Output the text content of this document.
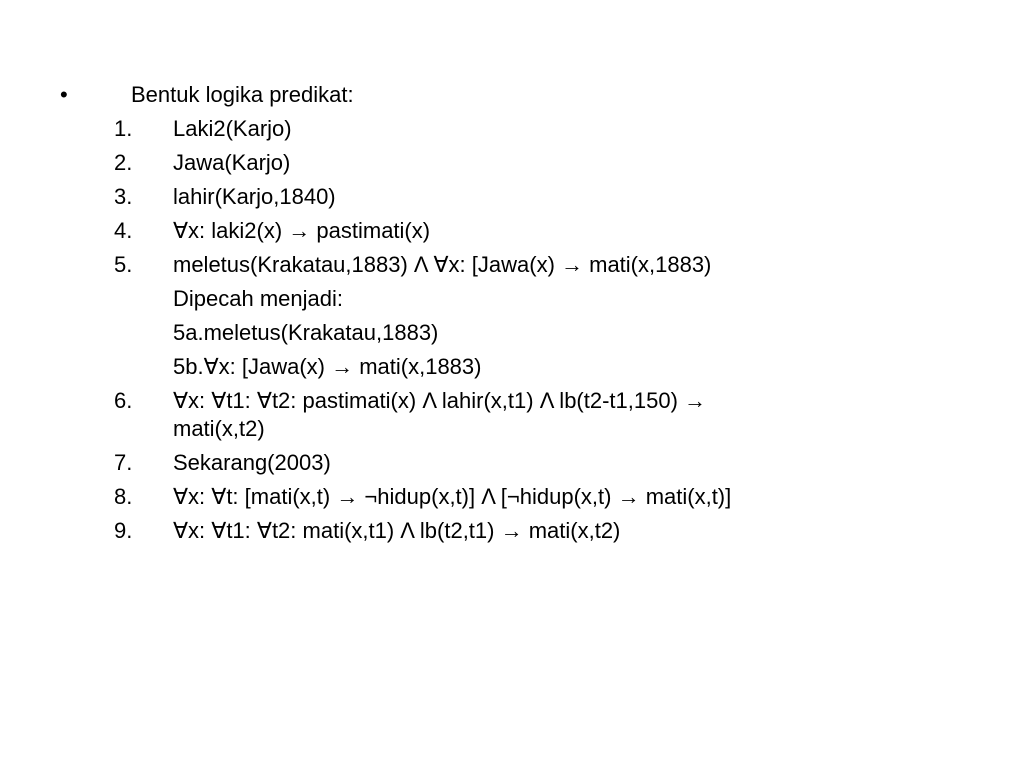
•	Bentuk logika predikat:
1. Laki2(Karjo)
2. Jawa(Karjo)
3. lahir(Karjo,1840)
4. ∀x: laki2(x) → pastimati(x)
5. meletus(Krakatau,1883) Λ ∀x: [Jawa(x) → mati(x,1883)
Dipecah menjadi:
5a.meletus(Krakatau,1883)
5b.∀x: [Jawa(x) → mati(x,1883)
6. ∀x: ∀t1: ∀t2: pastimati(x) Λ lahir(x,t1) Λ lb(t2-t1,150) →
mati(x,t2)
7. Sekarang(2003)
8. ∀x: ∀t: [mati(x,t) → ¬hidup(x,t)] Λ [¬hidup(x,t) → mati(x,t)]
9. ∀x: ∀t1: ∀t2: mati(x,t1) Λ lb(t2,t1) → mati(x,t2)
